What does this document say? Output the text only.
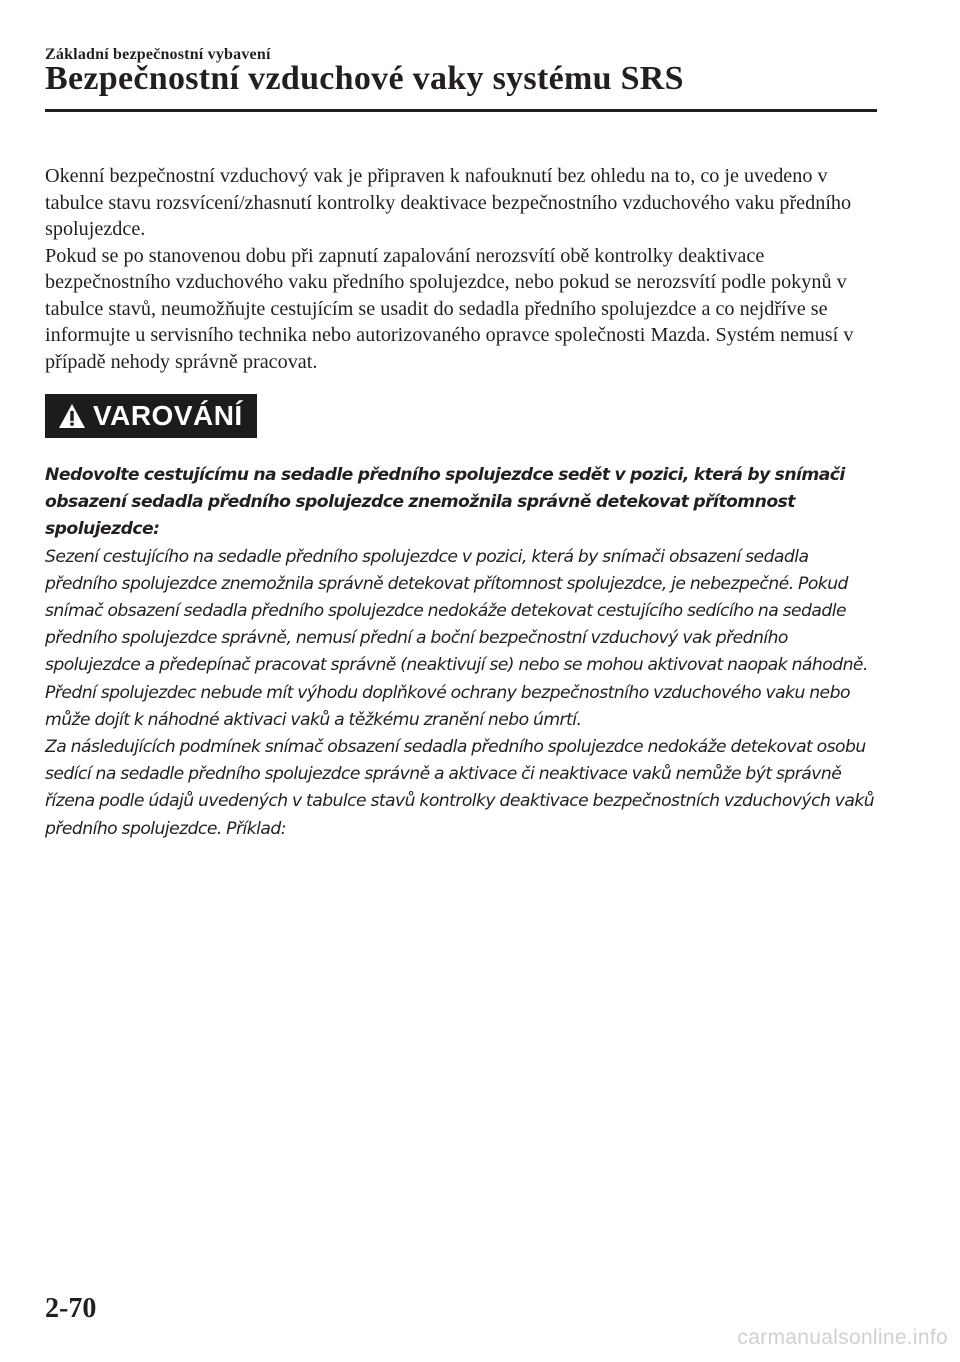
Základní bezpečnostní vybavení
Bezpečnostní vzduchové vaky systému SRS

Okenní bezpečnostní vzduchový vak je připraven k nafouknutí bez ohledu na to, co je uvedeno v tabulce stavu rozsvícení/zhasnutí kontrolky deaktivace bezpečnostního vzduchového vaku předního spolujezdce.

Pokud se po stanovenou dobu při zapnutí zapalování nerozsvítí obě kontrolky deaktivace bezpečnostního vzduchového vaku předního spolujezdce, nebo pokud se nerozsvítí podle pokynů v tabulce stavů, neumožňujte cestujícím se usadit do sedadla předního spolujezdce a co nejdříve se informujte u servisního technika nebo autorizovaného opravce společnosti Mazda. Systém nemusí v případě nehody správně pracovat.

VAROVÁNÍ

Nedovolte cestujícímu na sedadle předního spolujezdce sedět v pozici, která by snímači obsazení sedadla předního spolujezdce znemožnila správně detekovat přítomnost spolujezdce:

Sezení cestujícího na sedadle předního spolujezdce v pozici, která by snímači obsazení sedadla předního spolujezdce znemožnila správně detekovat přítomnost spolujezdce, je nebezpečné. Pokud snímač obsazení sedadla předního spolujezdce nedokáže detekovat cestujícího sedícího na sedadle předního spolujezdce správně, nemusí přední a boční bezpečnostní vzduchový vak předního spolujezdce a předepínač pracovat správně (neaktivují se) nebo se mohou aktivovat naopak náhodně. Přední spolujezdec nebude mít výhodu doplňkové ochrany bezpečnostního vzduchového vaku nebo může dojít k náhodné aktivaci vaků a těžkému zranění nebo úmrtí.

Za následujících podmínek snímač obsazení sedadla předního spolujezdce nedokáže detekovat osobu sedící na sedadle předního spolujezdce správně a aktivace či neaktivace vaků nemůže být správně řízena podle údajů uvedených v tabulce stavů kontrolky deaktivace bezpečnostních vzduchových vaků předního spolujezdce. Příklad:

2-70
carmanualsonline.info
